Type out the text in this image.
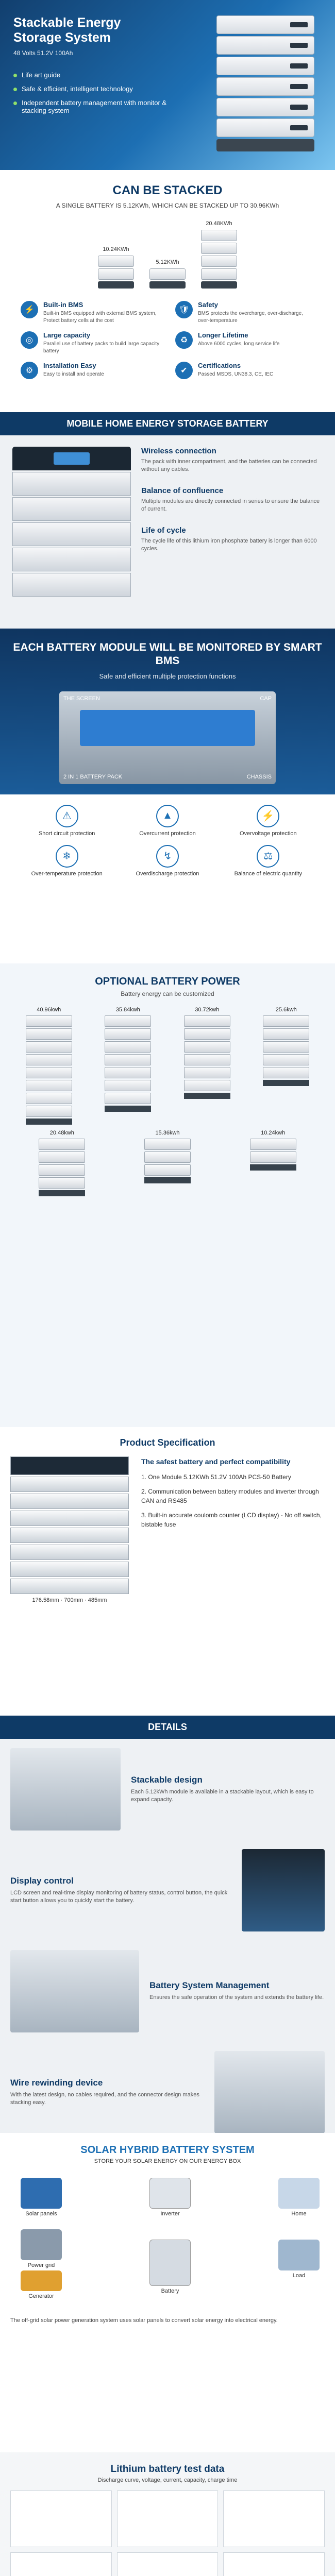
Stackable Energy Storage System
48 Volts 51.2V 100Ah
Life art guide
Safe & efficient, intelligent technology
Independent battery management with monitor & stacking system
CAN BE STACKED
A SINGLE BATTERY IS 5.12KWh, WHICH CAN BE STACKED UP TO 30.96KWh
10.24KWh
5.12KWh
20.48KWh
⚡
Built-in BMS

Built-in BMS equipped with external BMS system, Protect battery cells at the cost

🛡
Safety

BMS protects the overcharge, over-discharge, over-temperature

◎
Large capacity

Parallel use of battery packs to build large capacity battery

♻
Longer Lifetime

Above 6000 cycles, long service life

⚙
Installation Easy

Easy to install and operate	✔
Certifications

Passed MSDS, UN38.3, CE, IEC

MOBILE HOME ENERGY STORAGE BATTERY
Wireless connection

The pack with inner compartment, and the batteries can be connected without any cables.

Balance of confluence

Multiple modules are directly connected in series to ensure the balance of current.

Life of cycle

The cycle life of this lithium iron phosphate battery is longer than 6000 cycles.

EACH BATTERY MODULE WILL BE MONITORED BY SMART BMS
Safe and efficient multiple protection functions
THE SCREEN	CAP
2 IN 1 BATTERY PACK	CHASSIS
⚠

Short circuit protection

▲

Overcurrent protection

⚡

Overvoltage protection

❄

Over-temperature protection

↯

Overdischarge protection

⚖

Balance of electric quantity

OPTIONAL BATTERY POWER
Battery energy can be customized
40.96kwh	35.84kwh	30.72kwh	25.6kwh
20.48kwh	15.36kwh	10.24kwh
Product Specification
176.58mm · 700mm · 485mm
The safest battery and perfect compatibility
1. One Module 5.12KWh 51.2V 100Ah PCS-50 Battery
2. Communication between battery modules and inverter through CAN and RS485
3. Built-in accurate coulomb counter (LCD display) - No off switch, bistable fuse
DETAILS
Stackable design

Each 5.12kWh module is available in a stackable layout, which is easy to expand capacity.

Display control

LCD screen and real-time display monitoring of battery status, control button, the quick start button allows you to quickly start the battery.

Battery System Management

Ensures the safe operation of the system and extends the battery life.

Wire rewinding device

With the latest design, no cables required, and the connector design makes stacking easy.

SOLAR HYBRID BATTERY SYSTEM
STORE YOUR SOLAR ENERGY ON OUR ENERGY BOX
Solar panels	Inverter	Home
Power grid
Generator
Battery
Load

The off-grid solar power generation system uses solar panels to convert solar energy into electrical energy.

Lithium battery test data
Discharge curve, voltage, current, capacity, charge time
